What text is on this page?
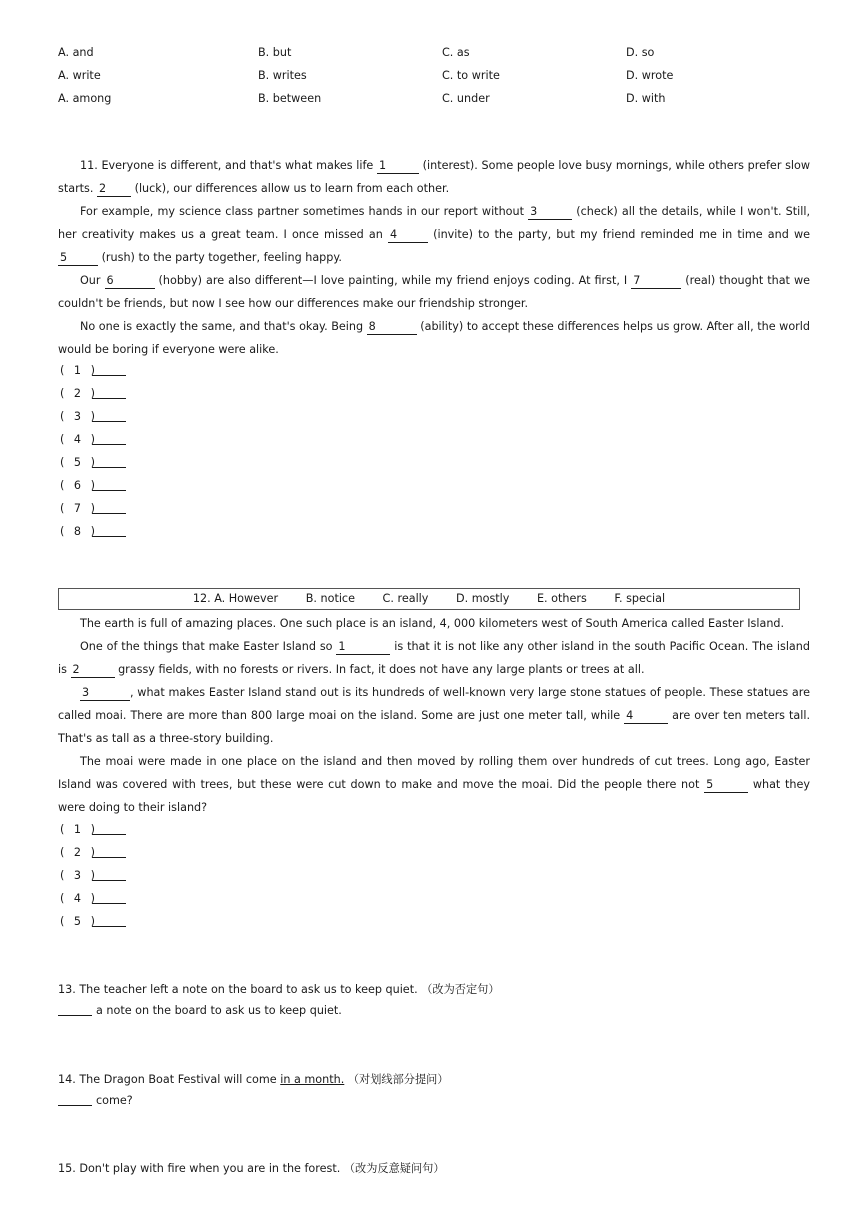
A. and	B. but	C. as	D. so
A. write	B. writes	C. to write	D. wrote
A. among	B. between	C. under	D. with
11. Everyone is different, and that's what makes life 1	(interest). Some people love busy mornings, while others prefer slow starts. 2	(luck), our differences allow us to learn from each other.
For example, my science class partner sometimes hands in our report without 3	(check) all the details, while I won't. Still, her creativity makes us a great team. I once missed an 4	(invite) to the party, but my friend reminded me in time and we 5	(rush) to the party together, feeling happy.
Our 6	(hobby) are also different—I love painting, while my friend enjoys coding. At first, I 7	(real) thought that we couldn't be friends, but now I see how our differences make our friendship stronger.
No one is exactly the same, and that's okay. Being 8	(ability) to accept these differences helps us grow. After all, the world would be boring if everyone were alike.
( 1 )
( 2 )
( 3 )
( 4 )
( 5 )
( 6 )
( 7 )
( 8 )
12. A. However B. notice C. really D. mostly E. others F. special
The earth is full of amazing places. One such place is an island, 4, 000 kilometers west of South America called Easter Island.
One of the things that make Easter Island so 1	is that it is not like any other island in the south Pacific Ocean. The island is 2	grassy fields, with no forests or rivers. In fact, it does not have any large plants or trees at all.
3	, what makes Easter Island stand out is its hundreds of well-known very large stone statues of people. These statues are called moai. There are more than 800 large moai on the island. Some are just one meter tall, while 4	are over ten meters tall. That's as tall as a three-story building.
The moai were made in one place on the island and then moved by rolling them over hundreds of cut trees. Long ago, Easter Island was covered with trees, but these were cut down to make and move the moai. Did the people there not 5	what they were doing to their island?
( 1 )
( 2 )
( 3 )
( 4 )
( 5 )
13. The teacher left a note on the board to ask us to keep quiet. （改为否定句）
a note on the board to ask us to keep quiet.
14. The Dragon Boat Festival will come in a month. （对划线部分提问）
come?
15. Don't play with fire when you are in the forest. （改为反意疑问句）
